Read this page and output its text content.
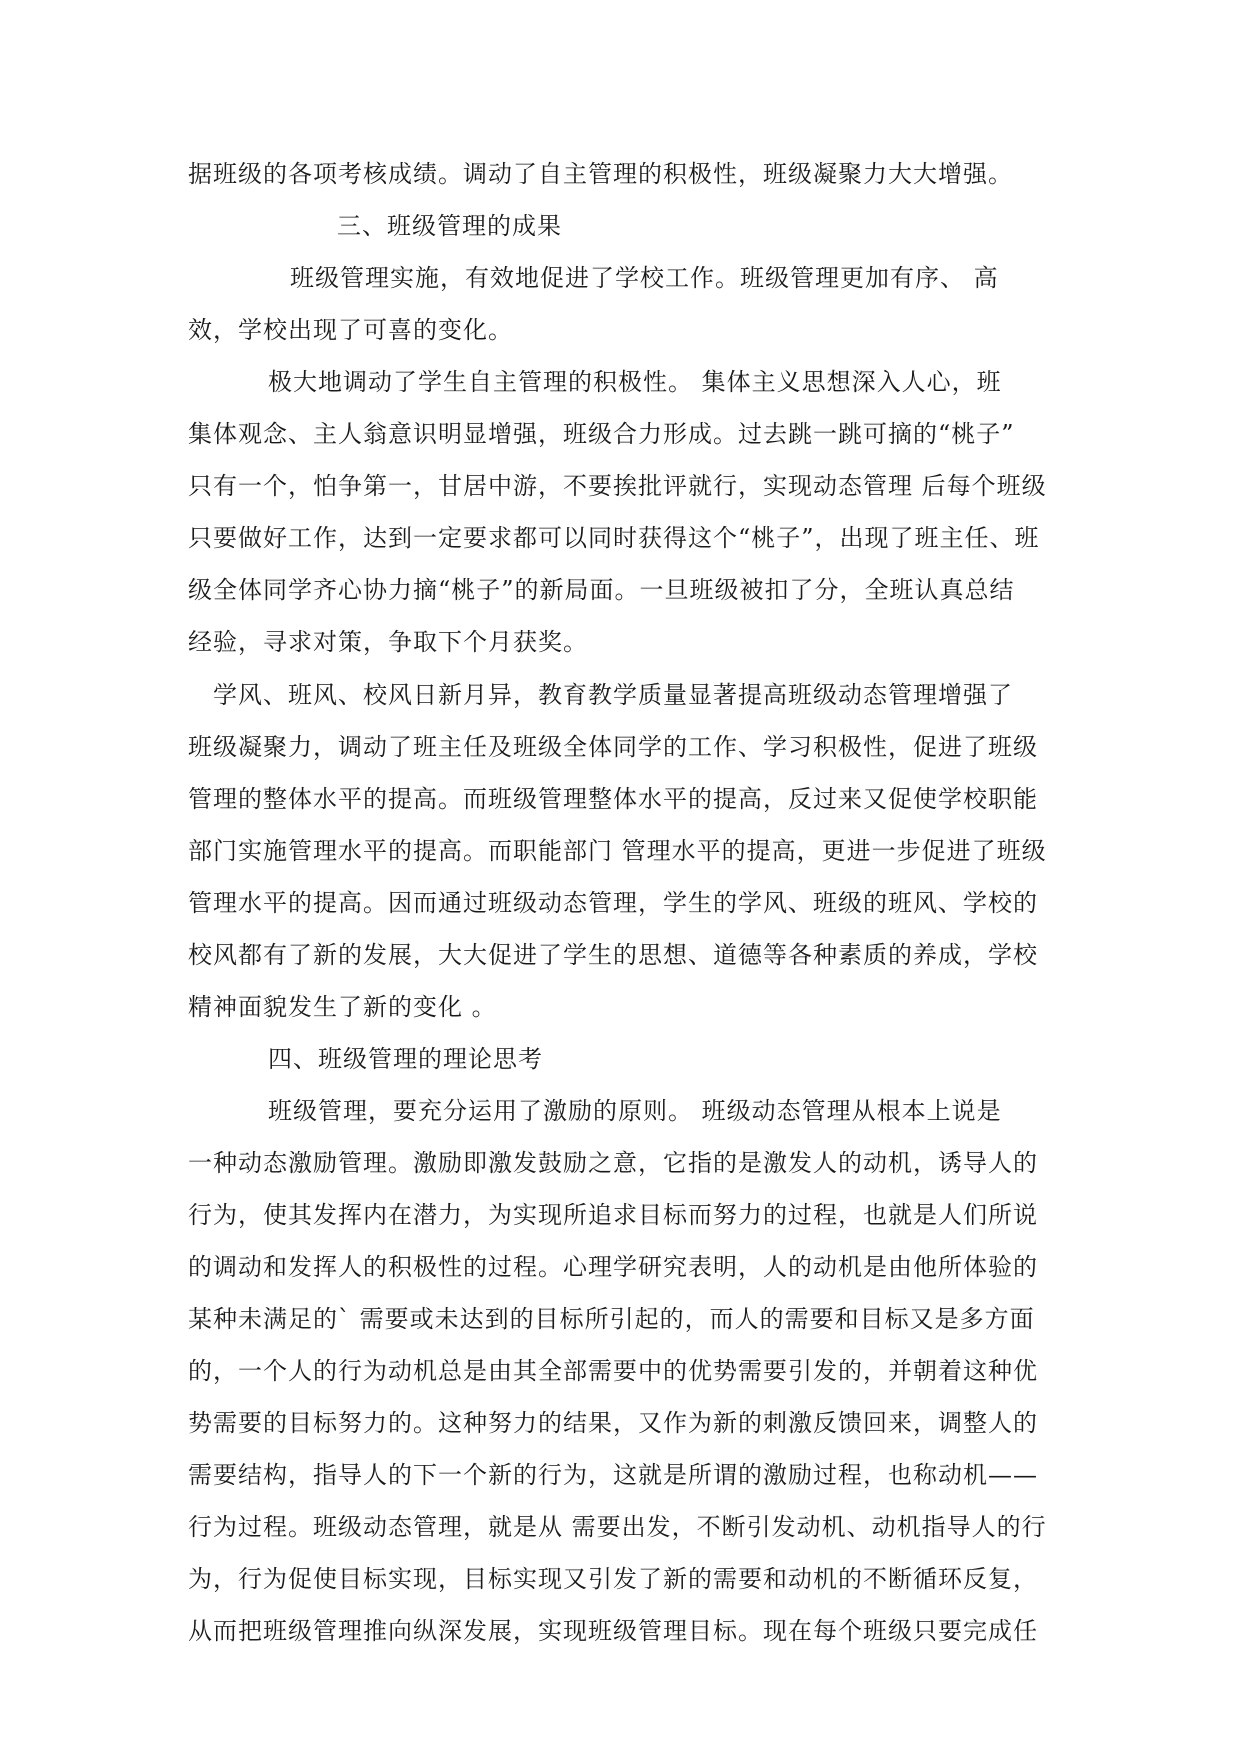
据班级的各项考核成绩。调动了自主管理的积极性，班级凝聚力大大增强。
三、班级管理的成果
班级管理实施，有效地促进了学校工作。班级管理更加有序、 高
效，学校出现了可喜的变化。
极大地调动了学生自主管理的积极性。 集体主义思想深入人心，班
集体观念、主人翁意识明显增强，班级合力形成。过去跳一跳可摘的“桃子”
只有一个，怕争第一，甘居中游，不要挨批评就行，实现动态管理 后每个班级
只要做好工作，达到一定要求都可以同时获得这个“桃子”，出现了班主任、班
级全体同学齐心协力摘“桃子”的新局面。一旦班级被扣了分，全班认真总结
经验，寻求对策，争取下个月获奖。
学风、班风、校风日新月异，教育教学质量显著提高班级动态管理增强了
班级凝聚力，调动了班主任及班级全体同学的工作、学习积极性，促进了班级
管理的整体水平的提高。而班级管理整体水平的提高，反过来又促使学校职能
部门实施管理水平的提高。而职能部门 管理水平的提高，更进一步促进了班级
管理水平的提高。因而通过班级动态管理，学生的学风、班级的班风、学校的
校风都有了新的发展，大大促进了学生的思想、道德等各种素质的养成，学校
精神面貌发生了新的变化 。
四、班级管理的理论思考
班级管理，要充分运用了激励的原则。 班级动态管理从根本上说是
一种动态激励管理。激励即激发鼓励之意，它指的是激发人的动机，诱导人的
行为，使其发挥内在潜力，为实现所追求目标而努力的过程，也就是人们所说
的调动和发挥人的积极性的过程。心理学研究表明，人的动机是由他所体验的
某种未满足的` 需要或未达到的目标所引起的，而人的需要和目标又是多方面
的，一个人的行为动机总是由其全部需要中的优势需要引发的，并朝着这种优
势需要的目标努力的。这种努力的结果，又作为新的刺激反馈回来，调整人的
需要结构，指导人的下一个新的行为，这就是所谓的激励过程，也称动机——
行为过程。班级动态管理，就是从 需要出发，不断引发动机、动机指导人的行
为，行为促使目标实现，目标实现又引发了新的需要和动机的不断循环反复，
从而把班级管理推向纵深发展，实现班级管理目标。现在每个班级只要完成任
